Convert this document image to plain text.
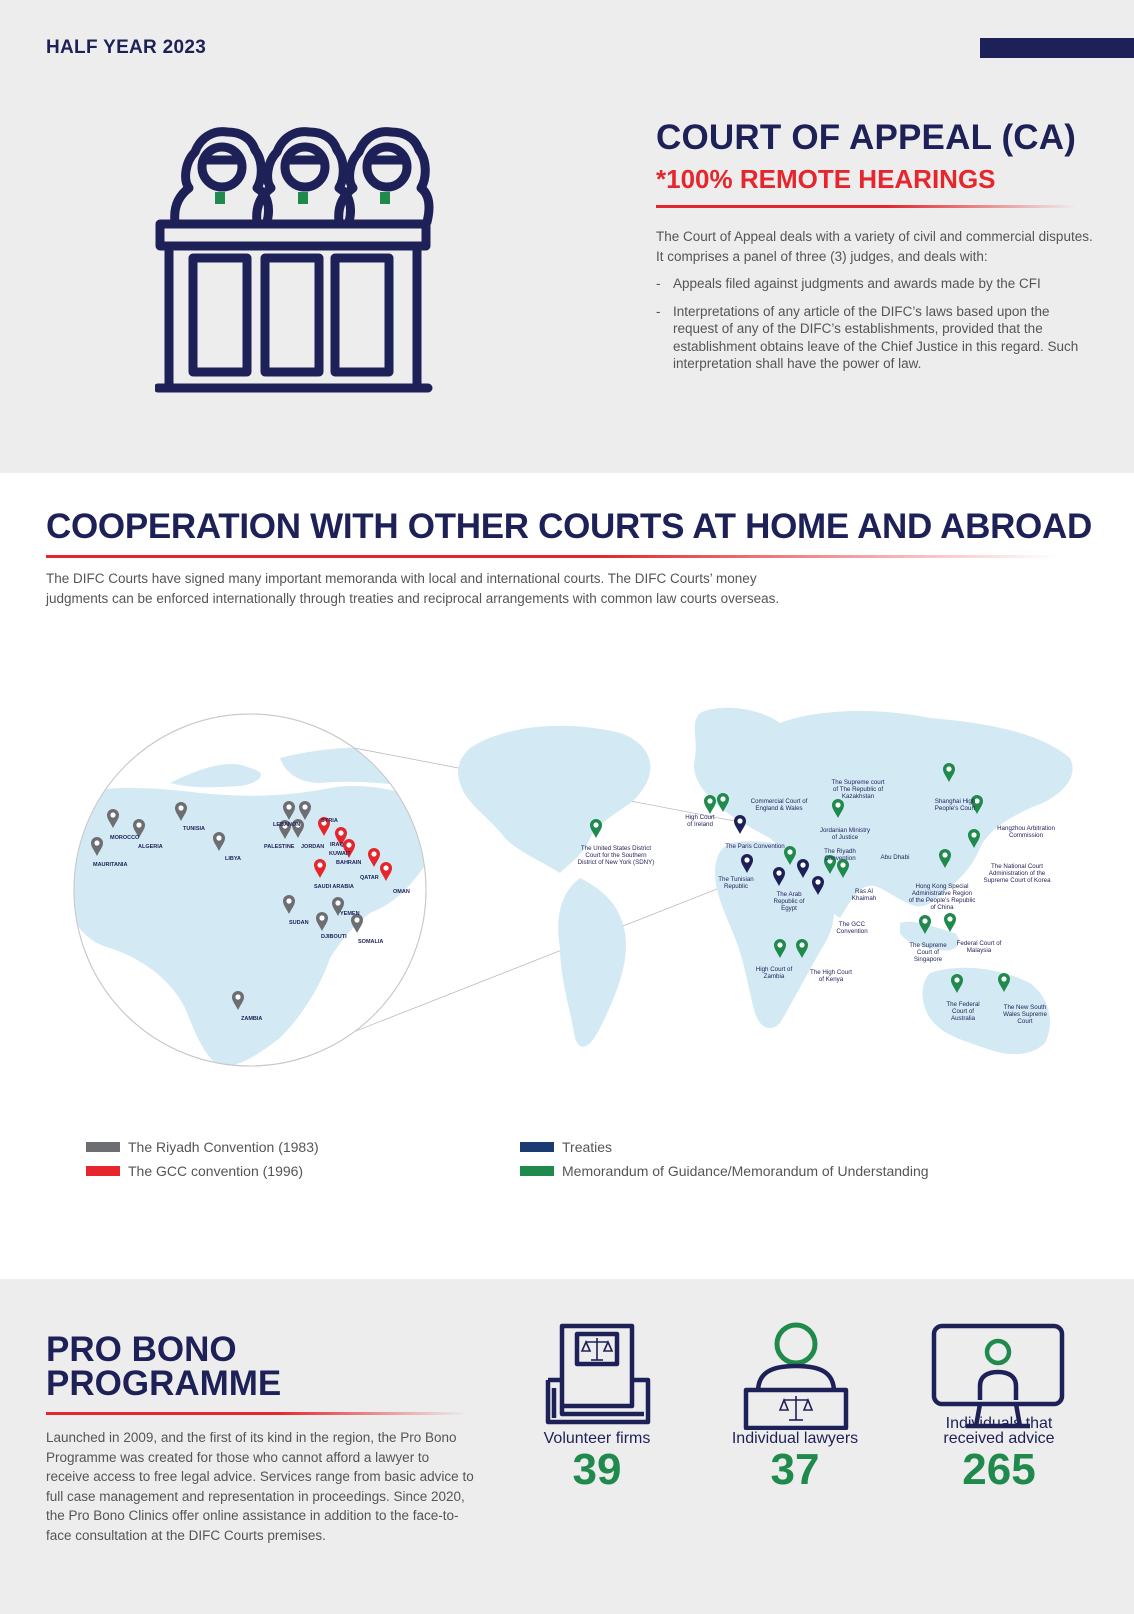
HALF YEAR 2023
COURT OF APPEAL (CA)
*100% REMOTE HEARINGS

The Court of Appeal deals with a variety of civil and commercial disputes. It comprises a panel of three (3) judges, and deals with:

- Appeals filed against judgments and awards made by the CFI
- Interpretations of any article of the DIFC’s laws based upon the request of any of the DIFC’s establishments, provided that the establishment obtains leave of the Chief Justice in this regard. Such interpretation shall have the power of law.
COOPERATION WITH OTHER COURTS AT HOME AND ABROAD

The DIFC Courts have signed many important memoranda with local and international courts. The DIFC Courts’ money judgments can be enforced internationally through treaties and reciprocal arrangements with common law courts overseas.

MOROCCO
TUNISIA
ALGERIA
MAURITANIA
LIBYA
LEBANON
SYRIA
PALESTINE JORDAN IRAQ
KUWAIT
BAHRAIN
QATAR
OMAN
SAUDI ARABIA
SUDAN
YEMEN
DJIBOUTI
SOMALIA
ZAMBIA
The United States District Court for the Southern District of New York (SDNY)
High Court of Ireland
Commercial Court of England & Wales
The Paris Convention
The Supreme court of The Republic of Kazakhstan
Jordanian Ministry of Justice
The Riyadh Convention	Abu Dhabi
The Tunisian Republic
The Arab Republic of Egypt
Ras Al Khaimah
The GCC Convention
High Court of Zambia
The High Court of Kenya
Shanghai High People’s Court
Hangzhou Arbitration Commission
The National Court Administration of the Supreme Court of Korea
Hong Kong Special Administrative Region of the People’s Republic of China
The Supreme Court of Singapore
Federal Court of Malaysia
The Federal Court of Australia
The New South Wales Supreme Court
The Riyadh Convention (1983)
The GCC convention (1996)
Treaties
Memorandum of Guidance/Memorandum of Understanding
PRO BONO
PROGRAMME

Launched in 2009, and the first of its kind in the region, the Pro Bono Programme was created for those who cannot afford a lawyer to receive access to free legal advice. Services range from basic advice to full case management and representation in proceedings. Since 2020, the Pro Bono Clinics offer online assistance in addition to the face-to-face consultation at the DIFC Courts premises.

Volunteer firms
39
Individual lawyers
37
Individuals that
received advice
265
